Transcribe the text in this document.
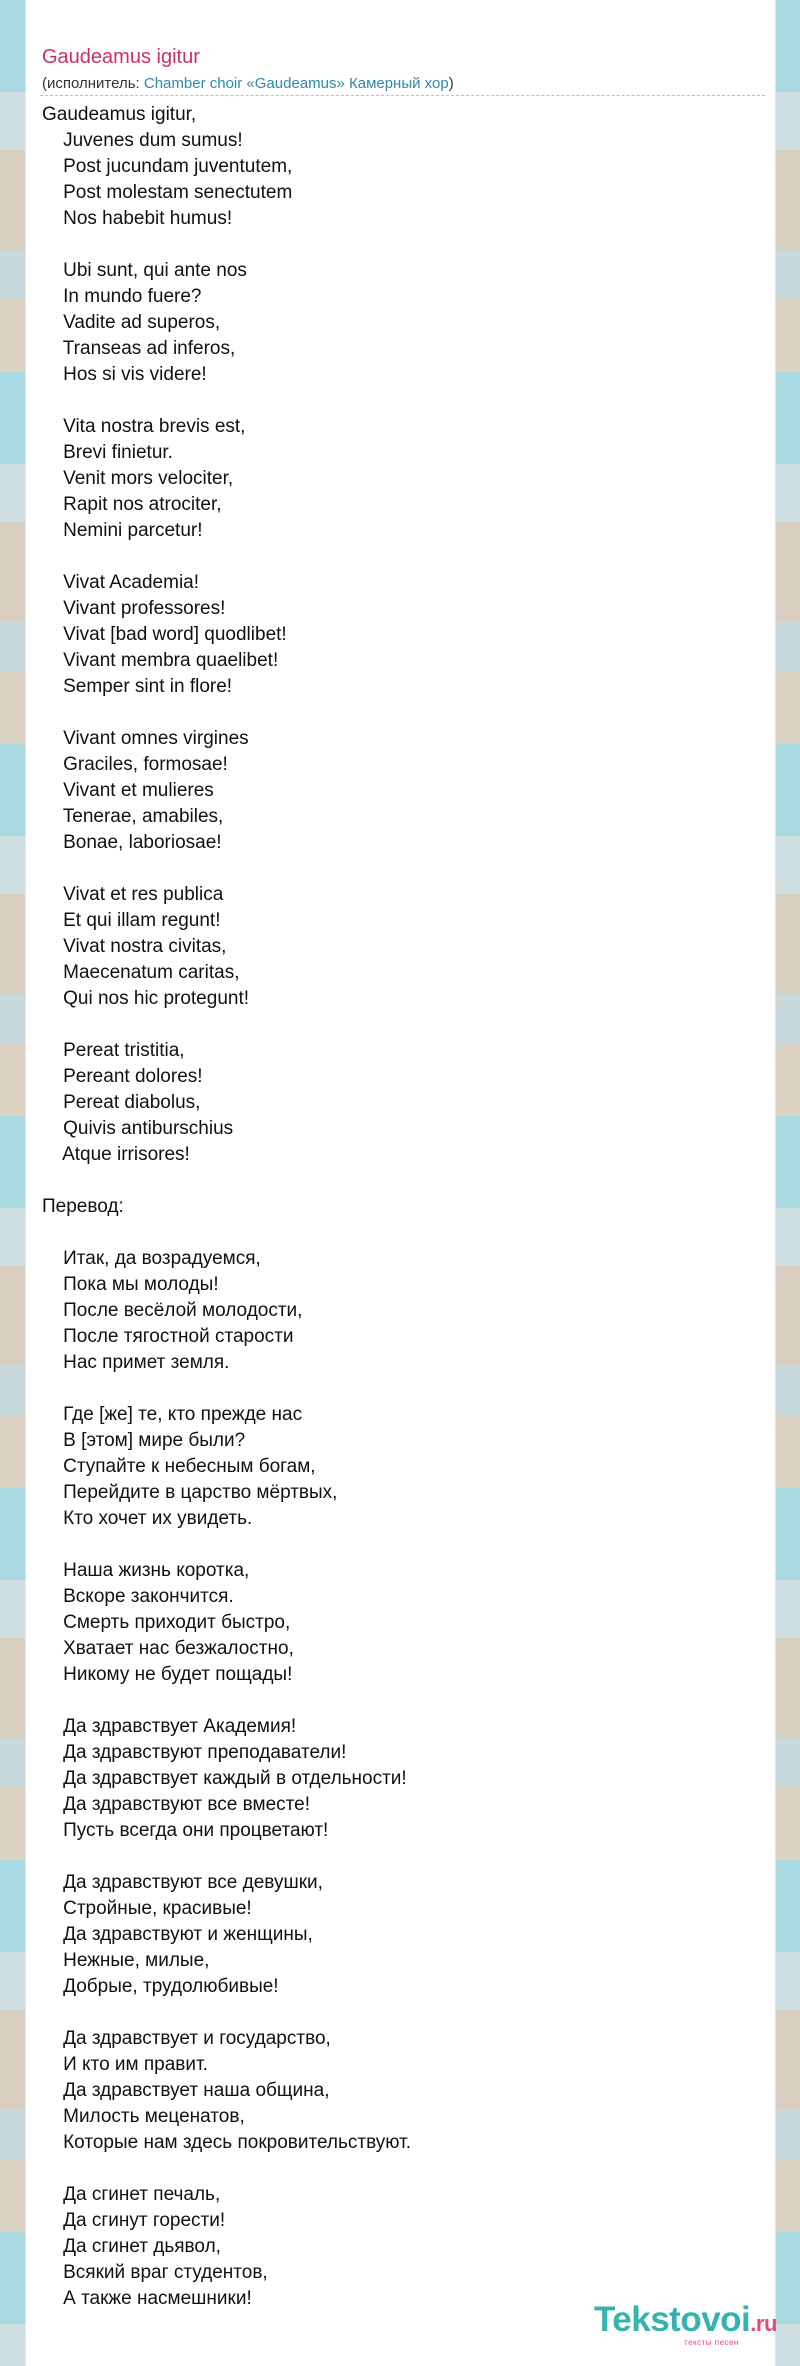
Gaudeamus igitur
(исполнитель: Chamber choir «Gaudeamus» Камерный хор)
Gaudeamus igitur,
Juvenes dum sumus!
Post jucundam juventutem,
Post molestam senectutem
Nos habebit humus!

Ubi sunt, qui ante nos
In mundo fuere?
Vadite ad superos,
Transeas ad inferos,
Hos si vis videre!

Vita nostra brevis est,
Brevi finietur.
Venit mors velociter,
Rapit nos atrociter,
Nemini parcetur!

Vivat Academia!
Vivant professores!
Vivat [bad word] quodlibet!
Vivant membra quaelibet!
Semper sint in flore!

Vivant omnes virgines
Graciles, formosae!
Vivant et mulieres
Tenerae, amabiles,
Bonae, laboriosae!

Vivat et res publica
Et qui illam regunt!
Vivat nostra civitas,
Maecenatum caritas,
Qui nos hic protegunt!

Pereat tristitia,
Pereant dolores!
Pereat diabolus,
Quivis antiburschius
Atque irrisores!

Перевод:

Итак, да возрадуемся,
Пока мы молоды!
После весёлой молодости,
После тягостной старости
Нас примет земля.

Где [же] те, кто прежде нас
В [этом] мире были?
Ступайте к небесным богам,
Перейдите в царство мёртвых,
Кто хочет их увидеть.

Наша жизнь коротка,
Вскоре закончится.
Смерть приходит быстро,
Хватает нас безжалостно,
Никому не будет пощады!

Да здравствует Академия!
Да здравствуют преподаватели!
Да здравствует каждый в отдельности!
Да здравствуют все вместе!
Пусть всегда они процветают!

Да здравствуют все девушки,
Стройные, красивые!
Да здравствуют и женщины,
Нежные, милые,
Добрые, трудолюбивые!

Да здравствует и государство,
И кто им правит.
Да здравствует наша община,
Милость меценатов,
Которые нам здесь покровительствуют.

Да сгинет печаль,
Да сгинут горести!
Да сгинет дьявол,
Всякий враг студентов,
А также насмешники!
Tekstovoi.ru
тексты песен
